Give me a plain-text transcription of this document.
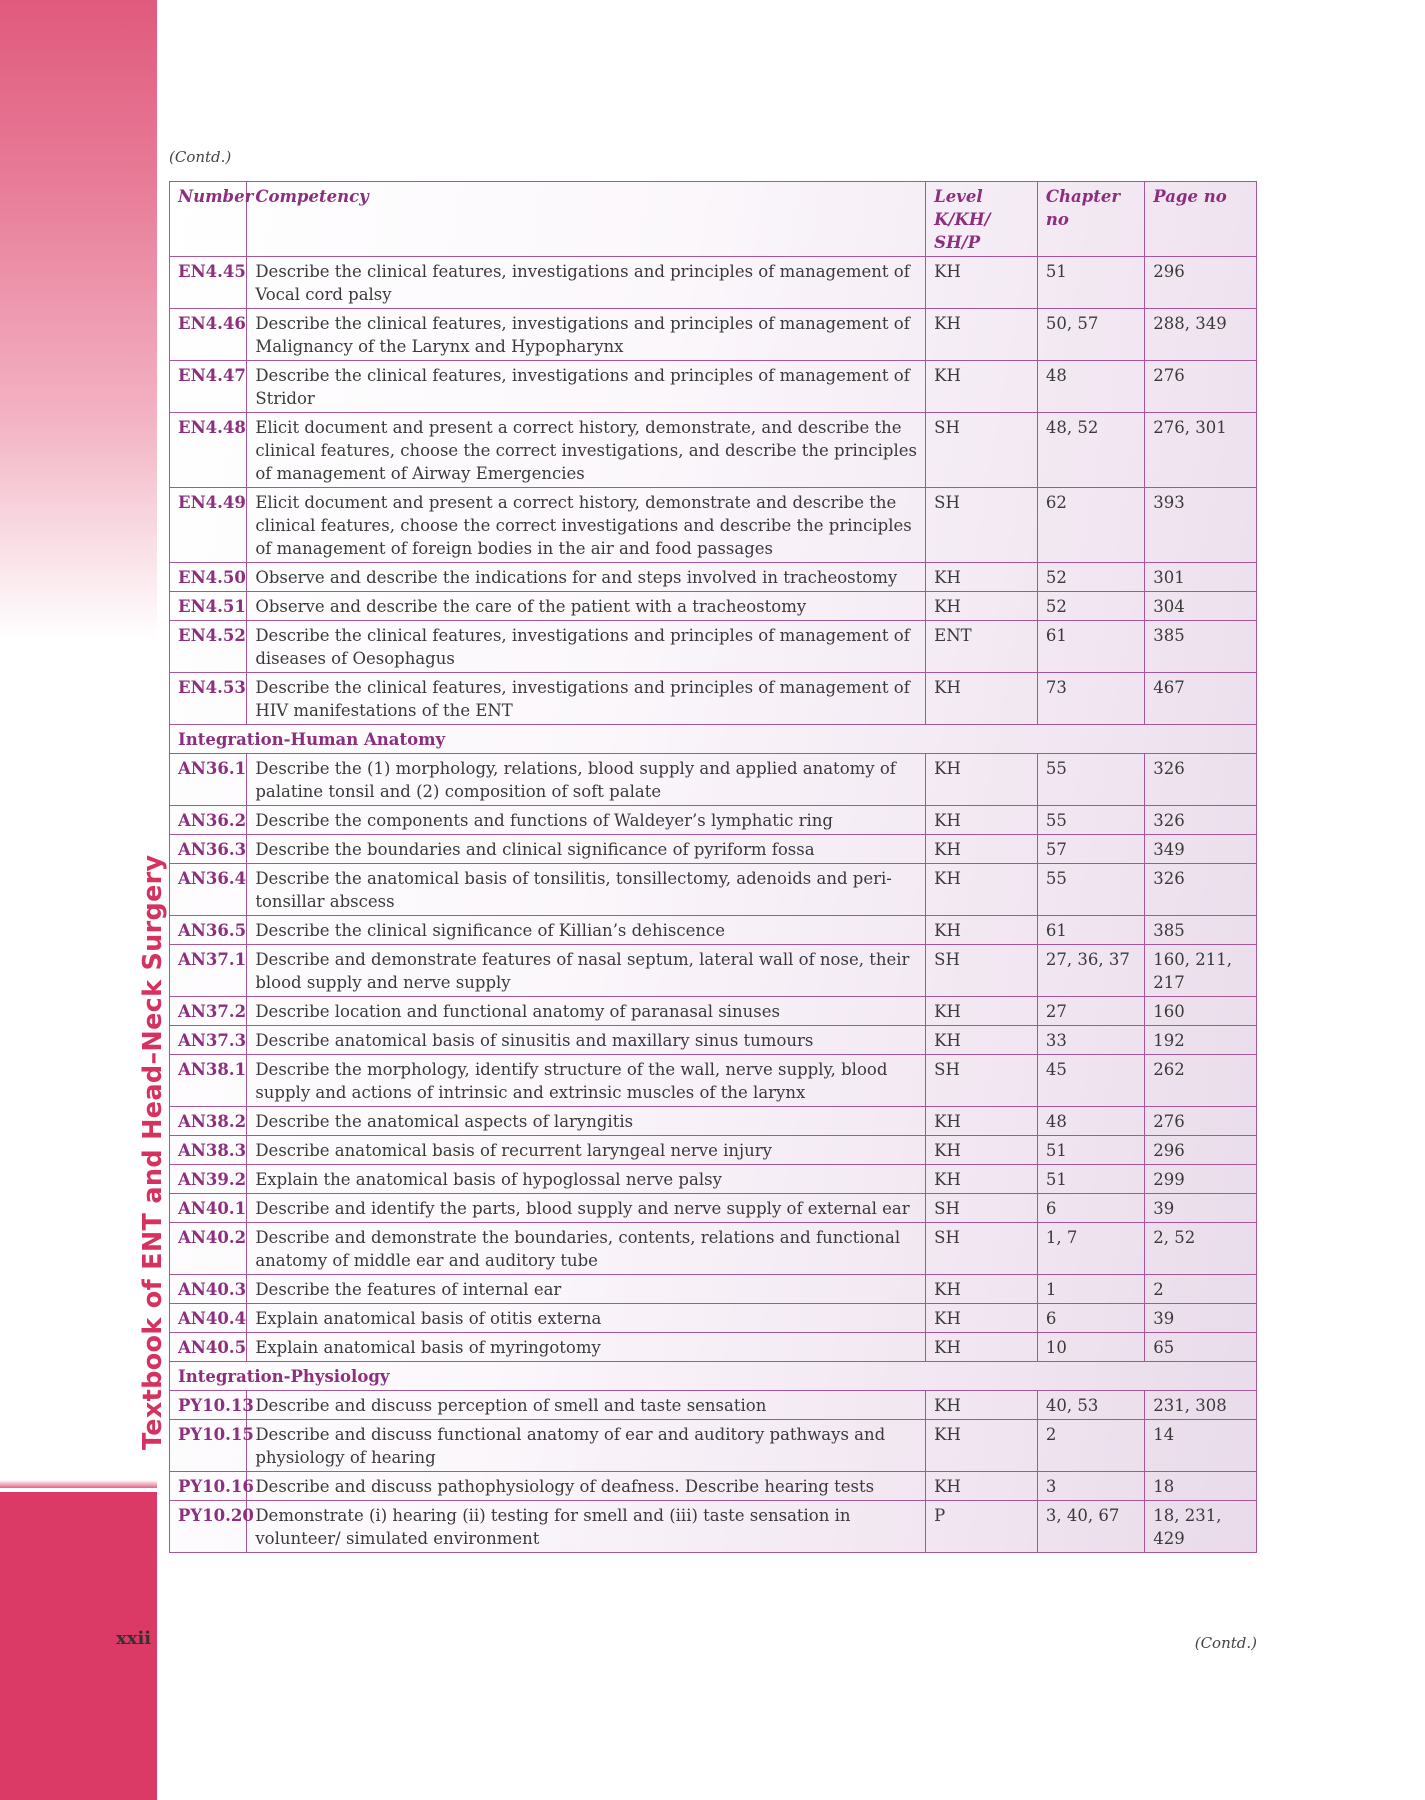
Textbook of ENT and Head–Neck Surgery
xxii
(Contd.)
Number	Competency	Level K/KH/ SH/P	Chapter no	Page no
EN4.45	Describe the clinical features, investigations and principles of management of Vocal cord palsy	KH	51	296
EN4.46	Describe the clinical features, investigations and principles of management of Malignancy of the Larynx and Hypopharynx	KH	50, 57	288, 349
EN4.47	Describe the clinical features, investigations and principles of management of Stridor	KH	48	276
EN4.48	Elicit document and present a correct history, demonstrate, and describe the clinical features, choose the correct investigations, and describe the principles of management of Airway Emergencies	SH	48, 52	276, 301
EN4.49	Elicit document and present a correct history, demonstrate and describe the clinical features, choose the correct investigations and describe the principles of management of foreign bodies in the air and food passages	SH	62	393
EN4.50	Observe and describe the indications for and steps involved in tracheostomy	KH	52	301
EN4.51	Observe and describe the care of the patient with a tracheostomy	KH	52	304
EN4.52	Describe the clinical features, investigations and principles of management of diseases of Oesophagus	ENT	61	385
EN4.53	Describe the clinical features, investigations and principles of management of HIV manifestations of the ENT	KH	73	467
Integration-Human Anatomy				
AN36.1	Describe the (1) morphology, relations, blood supply and applied anatomy of palatine tonsil and (2) composition of soft palate	KH	55	326
AN36.2	Describe the components and functions of Waldeyer’s lymphatic ring	KH	55	326
AN36.3	Describe the boundaries and clinical significance of pyriform fossa	KH	57	349
AN36.4	Describe the anatomical basis of tonsilitis, tonsillectomy, adenoids and peri-tonsillar abscess	KH	55	326
AN36.5	Describe the clinical significance of Killian’s dehiscence	KH	61	385
AN37.1	Describe and demonstrate features of nasal septum, lateral wall of nose, their blood supply and nerve supply	SH	27, 36, 37	160, 211, 217
AN37.2	Describe location and functional anatomy of paranasal sinuses	KH	27	160
AN37.3	Describe anatomical basis of sinusitis and maxillary sinus tumours	KH	33	192
AN38.1	Describe the morphology, identify structure of the wall, nerve supply, blood supply and actions of intrinsic and extrinsic muscles of the larynx	SH	45	262
AN38.2	Describe the anatomical aspects of laryngitis	KH	48	276
AN38.3	Describe anatomical basis of recurrent laryngeal nerve injury	KH	51	296
AN39.2	Explain the anatomical basis of hypoglossal nerve palsy	KH	51	299
AN40.1	Describe and identify the parts, blood supply and nerve supply of external ear	SH	6	39
AN40.2	Describe and demonstrate the boundaries, contents, relations and functional anatomy of middle ear and auditory tube	SH	1, 7	2, 52
AN40.3	Describe the features of internal ear	KH	1	2
AN40.4	Explain anatomical basis of otitis externa	KH	6	39
AN40.5	Explain anatomical basis of myringotomy	KH	10	65
Integration-Physiology				
PY10.13	Describe and discuss perception of smell and taste sensation	KH	40, 53	231, 308
PY10.15	Describe and discuss functional anatomy of ear and auditory pathways and physiology of hearing	KH	2	14
PY10.16	Describe and discuss pathophysiology of deafness. Describe hearing tests	KH	3	18
PY10.20	Demonstrate (i) hearing (ii) testing for smell and (iii) taste sensation in volunteer/ simulated environment	P	3, 40, 67	18, 231, 429
(Contd.)
